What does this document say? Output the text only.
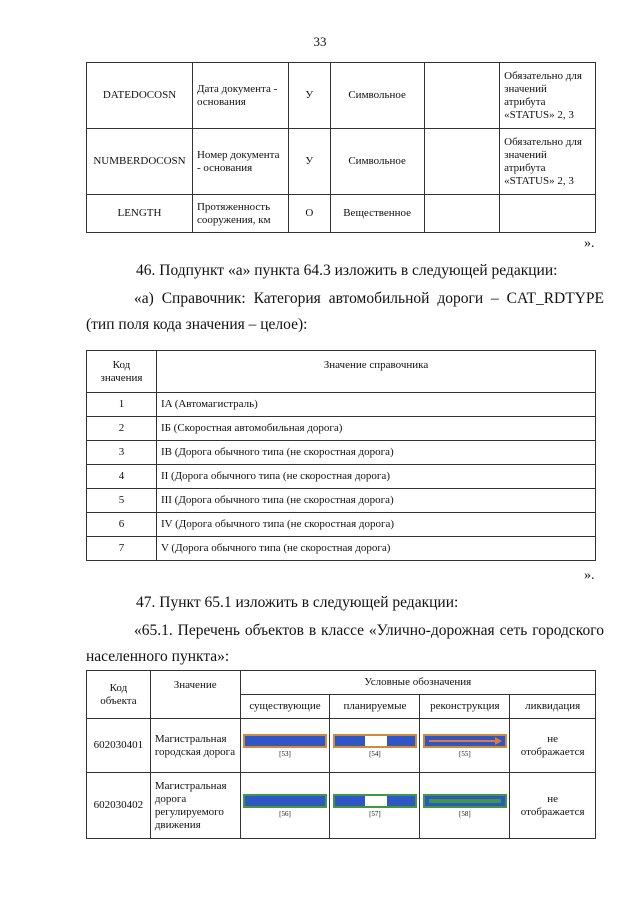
33
DATEDOCOSN	Дата документа - основания	У	Символьное		Обязательно для значений атрибута «STATUS» 2, 3
NUMBERDOCOSN	Номер документа - основания	У	Символьное		Обязательно для значений атрибута «STATUS» 2, 3
LENGTH	Протяженность сооружения, км	О	Вещественное		
».
46. Подпункт «а» пункта 64.3 изложить в следующей редакции:
«а) Справочник: Категория автомобильной дороги – CAT_RDTYPE
(тип поля кода значения – целое):
Код значения	Значение справочника
1	IA (Автомагистраль)
2	IБ (Скоростная автомобильная дорога)
3	IВ (Дорога обычного типа (не скоростная дорога)
4	II (Дорога обычного типа (не скоростная дорога)
5	III (Дорога обычного типа (не скоростная дорога)
6	IV (Дорога обычного типа (не скоростная дорога)
7	V (Дорога обычного типа (не скоростная дорога)
».
47. Пункт 65.1 изложить в следующей редакции:
«65.1. Перечень объектов в классе «Улично-дорожная сеть городского
населенного пункта»:
Код объекта	Значение	Условные обозначения			
		существующие	планируемые	реконструкция	ликвидация
602030401	Магистральная городская дорога	[53]	[54]	[55]	не отображается
602030402	Магистральная дорога регулируемого движения	[56]	[57]	[58]	не отображается
